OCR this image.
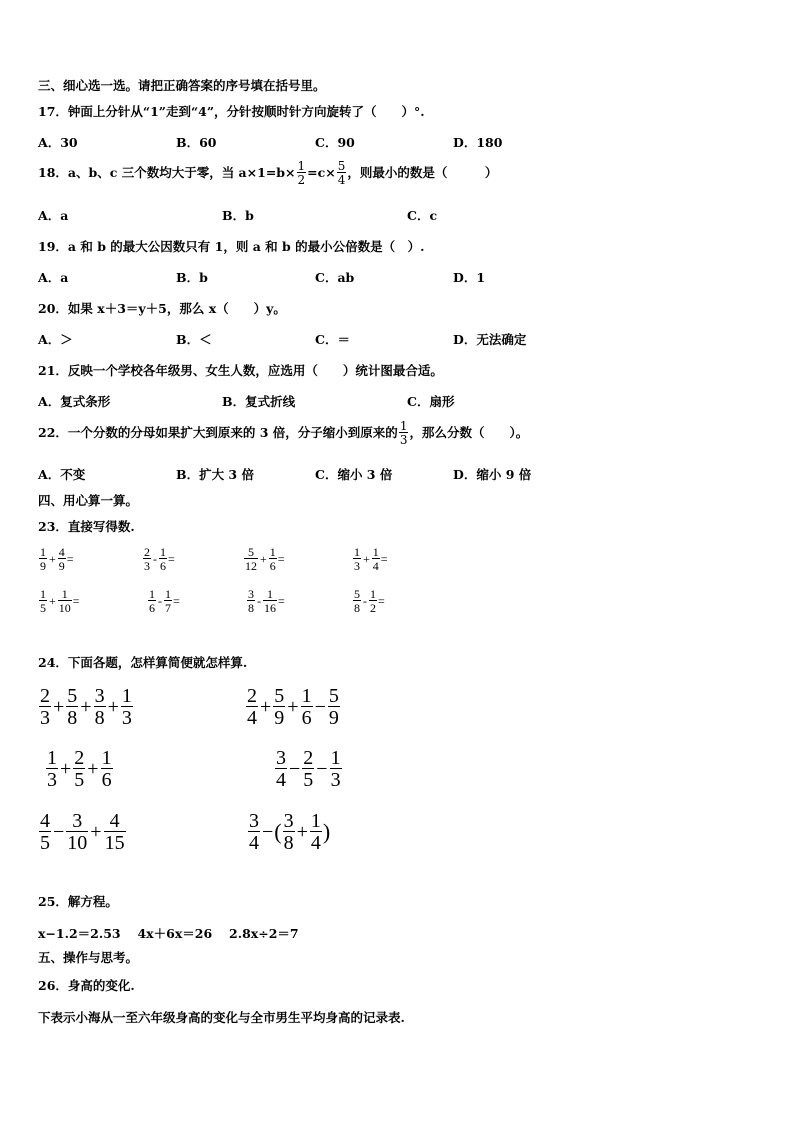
三、细心选一选。请把正确答案的序号填在括号里。
17．钟面上分针从“1”走到“4”，分针按顺时针方向旋转了（　　）°.
A．30	B．60	C．90	D．180
18．a、b、c 三个数均大于零，当 $a\times 1=b\times \frac{1}{2} =c\times \frac{5}{4}$ ，则最小的数是（　　　）
A．a	B．b	C．c
19．a 和 b 的最大公因数只有 1，则 a 和 b 的最小公倍数是（　）.
A．a	B．b	C．ab	D．1
20．如果 x＋3＝y＋5，那么 x（　　）y。
A．＞	B．＜	C．＝	D．无法确定
21．反映一个学校各年级男、女生人数，应选用（　　）统计图最合适。
A．复式条形	B．复式折线	C．扇形
22．一个分数的分母如果扩大到原来的 3 倍，分子缩小到原来的 $\frac{1}{3}$ ，那么分数（　　）。
A．不变	B．扩大 3 倍	C．缩小 3 倍	D．缩小 9 倍
四、用心算一算。
23．直接写得数.
$\frac{1}{9} + \frac{4}{9}$ =	$\frac{2}{3} - \frac{1}{6}$ =	$\frac{5}{12} + \frac{1}{6}$ =	$\frac{1}{3} + \frac{1}{4}$ =
$\frac{1}{5} + \frac{1}{10}$ =	$\frac{1}{6} - \frac{1}{7}$ =	$\frac{3}{8} - \frac{1}{16}$ =	$\frac{5}{8} - \frac{1}{2}$ =
24．下面各题，怎样算简便就怎样算.
$\frac{2}{3} + \frac{5}{8} + \frac{3}{8} + \frac{1}{3}$	$\frac{2}{4} + \frac{5}{9} + \frac{1}{6} - \frac{5}{9}$
$\frac{1}{3} + \frac{2}{5} + \frac{1}{6}$	$\frac{3}{4} - \frac{2}{5} - \frac{1}{3}$
$\frac{4}{5} - \frac{3}{10} + \frac{4}{15}$	$\frac{3}{4}$ − ( $\frac{3}{8} + \frac{1}{4}$ )
25．解方程。
x−1.2＝2.53　 4x＋6x＝26　 2.8x÷2＝7
五、操作与思考。
26．身高的变化.
下表示小海从一至六年级身高的变化与全市男生平均身高的记录表.
